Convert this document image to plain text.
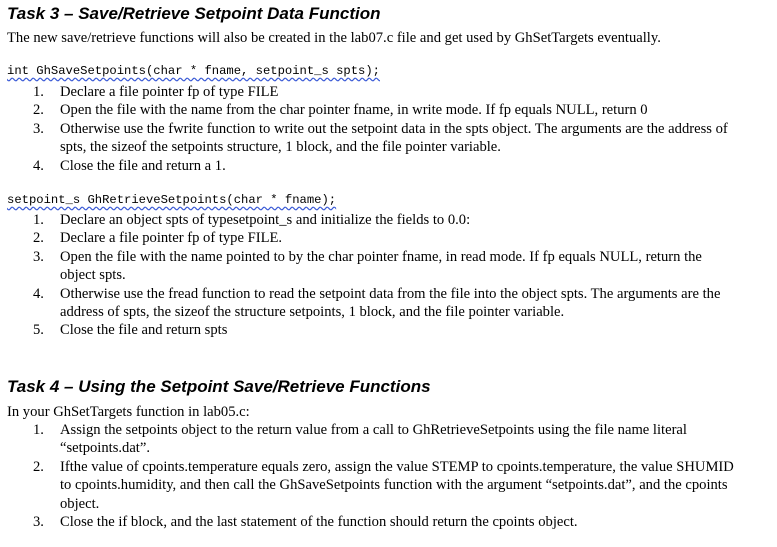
Task 3 – Save/Retrieve Setpoint Data Function
The new save/retrieve functions will also be created in the lab07.c file and get used by GhSetTargets eventually.
int GhSaveSetpoints(char * fname, setpoint_s spts);
1. Declare a file pointer fp of type FILE
2. Open the file with the name from the char pointer fname, in write mode. If fp equals NULL, return 0
3. Otherwise use the fwrite function to write out the setpoint data in the spts object. The arguments are the address of spts, the sizeof the setpoints structure, 1 block, and the file pointer variable.
4. Close the file and return a 1.
setpoint_s GhRetrieveSetpoints(char * fname);
1. Declare an object spts of typesetpoint_s and initialize the fields to 0.0:
2. Declare a file pointer fp of type FILE.
3. Open the file with the name pointed to by the char pointer fname, in read mode. If fp equals NULL, return the object spts.
4. Otherwise use the fread function to read the setpoint data from the file into the object spts. The arguments are the address of spts, the sizeof the structure setpoints, 1 block, and the file pointer variable.
5. Close the file and return spts
Task 4 – Using the Setpoint Save/Retrieve Functions
In your GhSetTargets function in lab05.c:
1. Assign the setpoints object to the return value from a call to GhRetrieveSetpoints using the file name literal “setpoints.dat”.
2. Ifthe value of cpoints.temperature equals zero, assign the value STEMP to cpoints.temperature, the value SHUMID to cpoints.humidity, and then call the GhSaveSetpoints function with the argument “setpoints.dat”, and the cpoints object.
3. Close the if block, and the last statement of the function should return the cpoints object.
